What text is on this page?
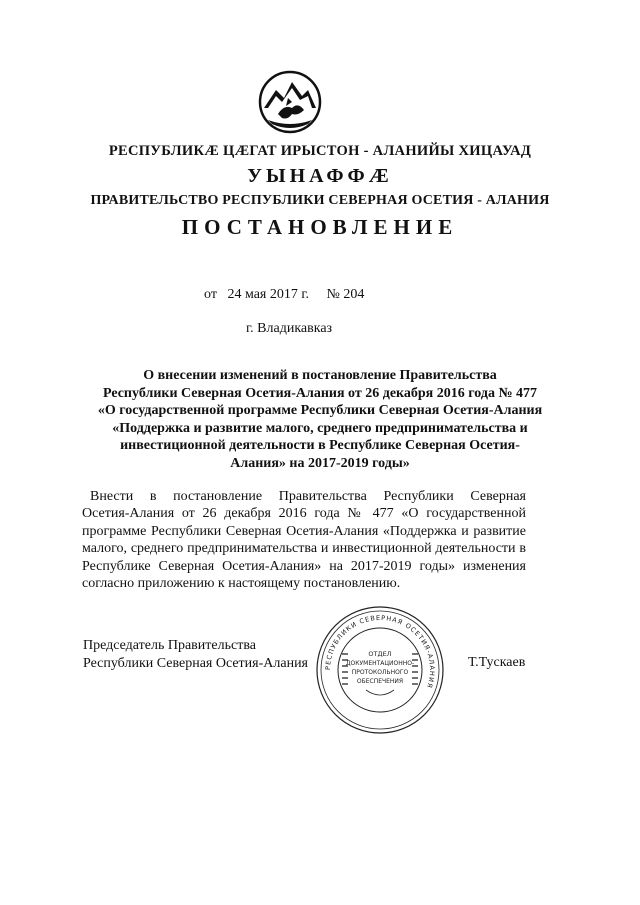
РЕСПУБЛИКӔ ЦӔГАТ ИРЫСТОН - АЛАНИЙЫ ХИЦАУАД
УЫНАФФӔ
ПРАВИТЕЛЬСТВО РЕСПУБЛИКИ СЕВЕРНАЯ ОСЕТИЯ - АЛАНИЯ
ПОСТАНОВЛЕНИЕ
от 24 мая 2017 г. № 204
г. Владикавказ
О внесении изменений в постановление Правительства
Республики Северная Осетия-Алания от 26 декабря 2016 года № 477
«О государственной программе Республики Северная Осетия-Алания
«Поддержка и развитие малого, среднего предпринимательства и
инвестиционной деятельности в Республике Северная Осетия-
Алания» на 2017-2019 годы»
Внести в постановление Правительства Республики Северная
Осетия-Алания от 26 декабря 2016 года № 477 «О государственной
программе Республики Северная Осетия-Алания «Поддержка и развитие
малого, среднего предпринимательства и инвестиционной деятельности в
Республике Северная Осетия-Алания» на 2017-2019 годы» изменения
согласно приложению к настоящему постановлению.
Председатель Правительства
Республики Северная Осетия-Алания РЕСПУБЛИКИ СЕВЕРНАЯ ОСЕТИЯ-АЛАНИЯ
ОТДЕЛ
ДОКУМЕНТАЦИОННО-
ПРОТОКОЛЬНОГО
ОБЕСПЕЧЕНИЯ
Т.Тускаев
